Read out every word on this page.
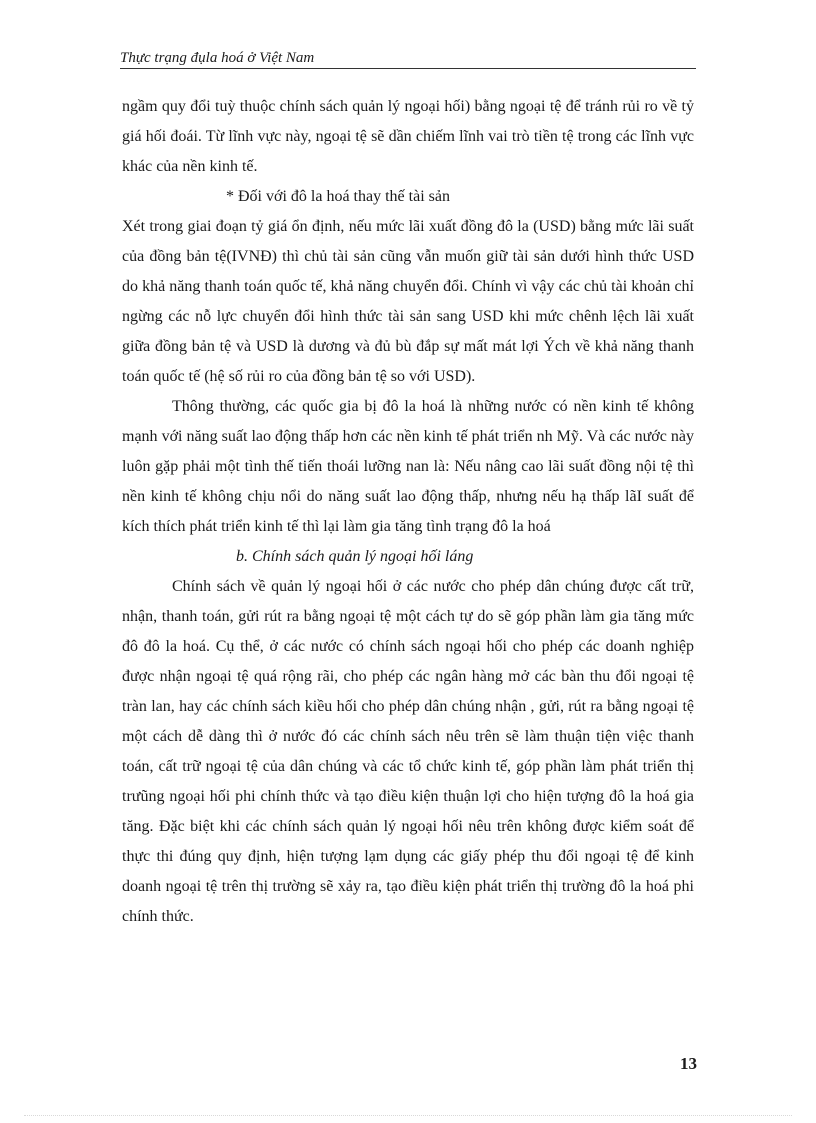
Thực trạng đụla hoá ở Việt Nam

ngầm quy đổi tuỳ thuộc chính sách quản lý ngoại hối) bằng ngoại tệ để tránh rủi ro về tỷ giá hối đoái. Từ lĩnh vực này, ngoại tệ sẽ dần chiếm lĩnh vai trò tiền tệ trong các lĩnh vực khác của nền kinh tế.

* Đối với đô la hoá thay thế tài sản

Xét trong giai đoạn tỷ giá ổn định, nếu mức lãi xuất đồng đô la (USD) bằng mức lãi suất của đồng bản tệ(IVNĐ) thì chủ tài sản cũng vẫn muốn giữ tài sản dưới hình thức USD do khả năng thanh toán quốc tế, khả năng chuyển đổi. Chính vì vậy các chủ tài khoản chỉ ngừng các nỗ lực chuyển đổi hình thức tài sản sang USD khi mức chênh lệch lãi xuất giữa đồng bản tệ và USD là dương và đủ bù đắp sự mất mát lợi Ých về khả năng thanh toán quốc tế (hệ số rủi ro của đồng bản tệ so với USD).

Thông thường, các quốc gia bị đô la hoá là những nước có nền kinh tế không mạnh với năng suất lao động thấp hơn các nền kinh tế phát triển nh Mỹ. Và các nước này luôn gặp phải một tình thế tiến thoái lưỡng nan là: Nếu nâng cao lãi suất đồng nội tệ thì nền kinh tế không chịu nổi do năng suất lao động thấp, nhưng nếu hạ thấp lãI suất để kích thích phát triển kinh tế thì lại làm gia tăng tình trạng đô la hoá

b. Chính sách quản lý ngoại hối láng

Chính sách về quản lý ngoại hối ở các nước cho phép dân chúng được cất trữ, nhận, thanh toán, gửi rút ra bằng ngoại tệ một cách tự do sẽ góp phần làm gia tăng mức đô đô la hoá. Cụ thể, ở các nước có chính sách ngoại hối cho phép các doanh nghiệp được nhận ngoại tệ quá rộng rãi, cho phép các ngân hàng mở các bàn thu đổi ngoại tệ tràn lan, hay các chính sách kiều hối cho phép dân chúng nhận , gửi, rút ra bằng ngoại tệ một cách dễ dàng thì ở nước đó các chính sách nêu trên sẽ làm thuận tiện việc thanh toán, cất trữ ngoại tệ của dân chúng và các tổ chức kinh tế, góp phần làm phát triển thị trưũng ngoại hối phi chính thức và tạo điều kiện thuận lợi cho hiện tượng đô la hoá gia tăng. Đặc biệt khi các chính sách quản lý ngoại hối nêu trên không được kiểm soát để thực thi đúng quy định, hiện tượng lạm dụng các giấy phép thu đổi ngoại tệ để kinh doanh ngoại tệ trên thị trường sẽ xảy ra, tạo điều kiện phát triển thị trường đô la hoá phi chính thức.

13
